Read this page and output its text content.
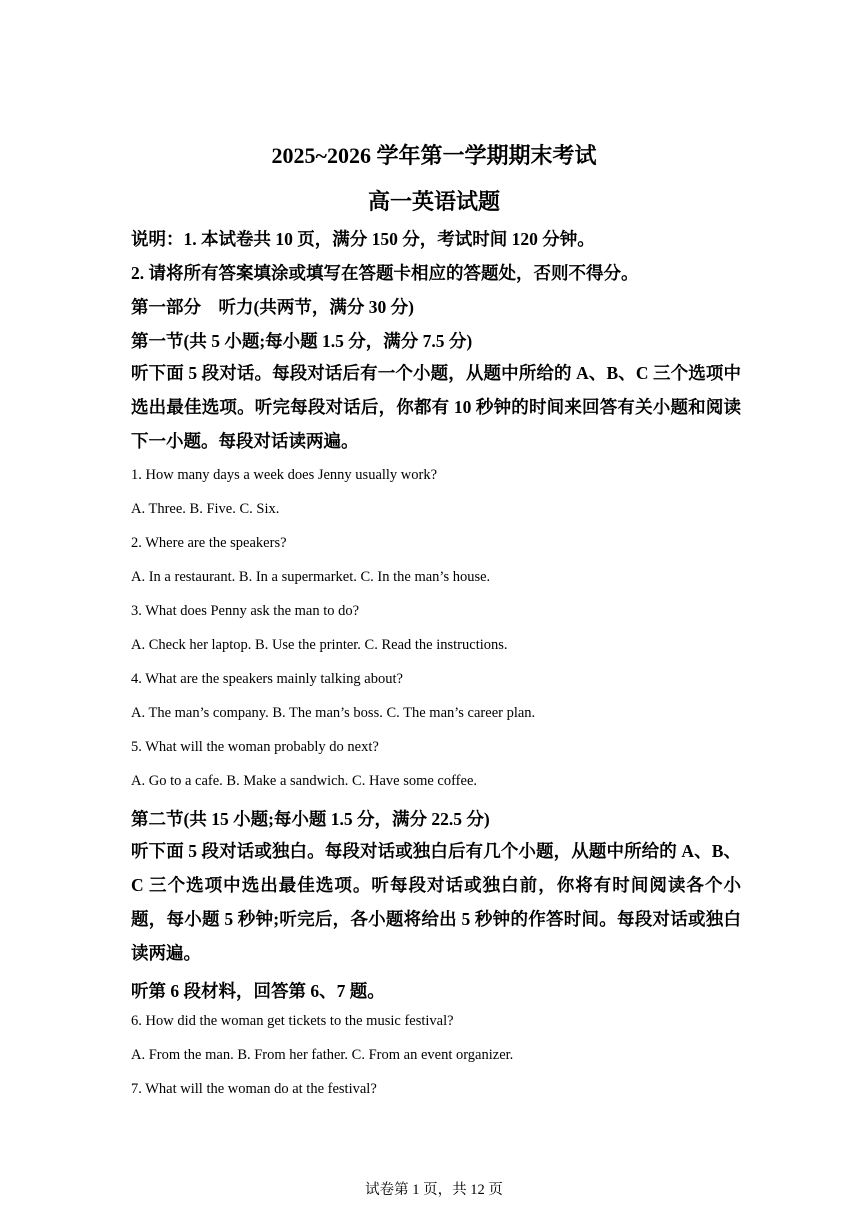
2025~2026 学年第一学期期末考试
高一英语试题
说明：1. 本试卷共 10 页，满分 150 分，考试时间 120 分钟。
2. 请将所有答案填涂或填写在答题卡相应的答题处，否则不得分。
第一部分　听力(共两节，满分 30 分)
第一节(共 5 小题;每小题 1.5 分，满分 7.5 分)
听下面 5 段对话。每段对话后有一个小题，从题中所给的 A、B、C 三个选项中选出最佳选项。听完每段对话后，你都有 10 秒钟的时间来回答有关小题和阅读下一小题。每段对话读两遍。
1. How many days a week does Jenny usually work?
A. Three. B. Five. C. Six.
2. Where are the speakers?
A. In a restaurant. B. In a supermarket. C. In the man’s house.
3. What does Penny ask the man to do?
A. Check her laptop. B. Use the printer. C. Read the instructions.
4. What are the speakers mainly talking about?
A. The man’s company. B. The man’s boss. C. The man’s career plan.
5. What will the woman probably do next?
A. Go to a cafe. B. Make a sandwich. C. Have some coffee.
第二节(共 15 小题;每小题 1.5 分，满分 22.5 分)
听下面 5 段对话或独白。每段对话或独白后有几个小题，从题中所给的 A、B、C 三个选项中选出最佳选项。听每段对话或独白前，你将有时间阅读各个小题，每小题 5 秒钟;听完后，各小题将给出 5 秒钟的作答时间。每段对话或独白读两遍。
听第 6 段材料，回答第 6、7 题。
6. How did the woman get tickets to the music festival?
A. From the man. B. From her father. C. From an event organizer.
7. What will the woman do at the festival?
试卷第 1 页，共 12 页
